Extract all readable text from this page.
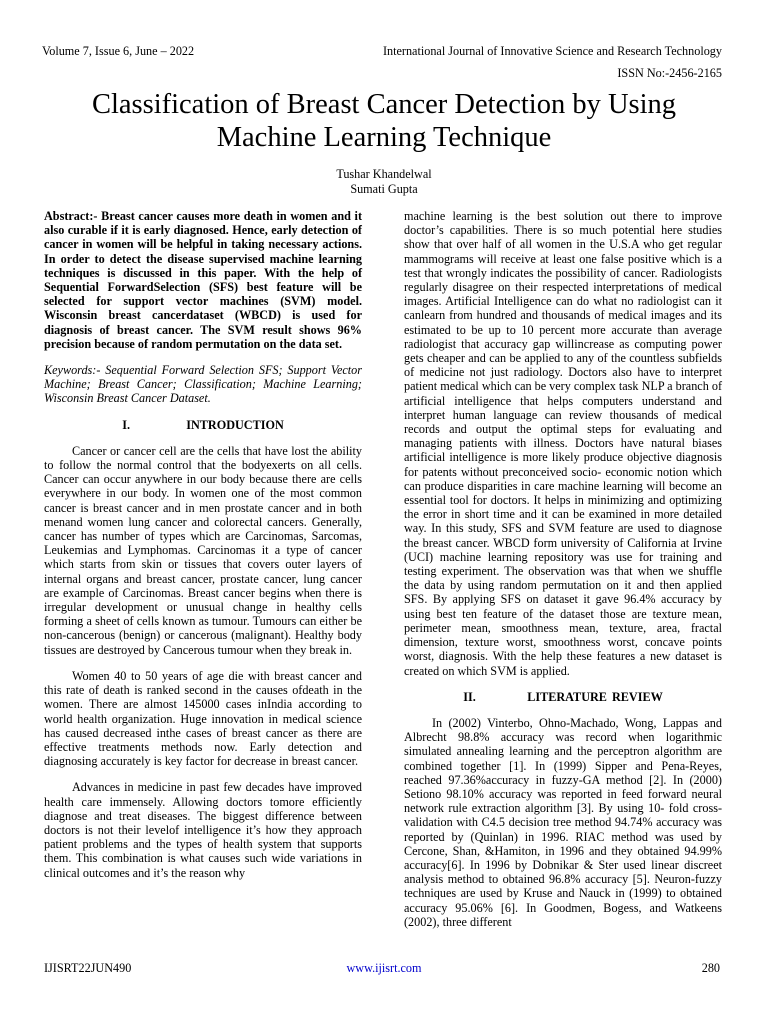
Volume 7, Issue 6, June – 2022	International Journal of Innovative Science and Research Technology
ISSN No:-2456-2165
Classification of Breast Cancer Detection by Using Machine Learning Technique
Tushar Khandelwal
Sumati Gupta

Abstract:- Breast cancer causes more death in women and it also curable if it is early diagnosed. Hence, early detection of cancer in women will be helpful in taking necessary actions. In order to detect the disease supervised machine learning techniques is discussed in this paper. With the help of Sequential ForwardSelection (SFS) best feature will be selected for support vector machines (SVM) model. Wisconsin breast cancerdataset (WBCD) is used for diagnosis of breast cancer. The SVM result shows 96% precision because of random permutation on the data set.

Keywords:- Sequential Forward Selection SFS; Support Vector Machine; Breast Cancer; Classification; Machine Learning; Wisconsin Breast Cancer Dataset.

I.	INTRODUCTION

Cancer or cancer cell are the cells that have lost the ability to follow the normal control that the bodyexerts on all cells. Cancer can occur anywhere in our body because there are cells everywhere in our body. In women one of the most common cancer is breast cancer and in men prostate cancer and in both menand women lung cancer and colorectal cancers. Generally, cancer has number of types which are Carcinomas, Sarcomas, Leukemias and Lymphomas. Carcinomas it a type of cancer which starts from skin or tissues that covers outer layers of internal organs and breast cancer, prostate cancer, lung cancer are example of Carcinomas. Breast cancer begins when there is irregular development or unusual change in healthy cells forming a sheet of cells known as tumour. Tumours can either be non-cancerous (benign) or cancerous (malignant). Healthy body tissues are destroyed by Cancerous tumour when they break in.

Women 40 to 50 years of age die with breast cancer and this rate of death is ranked second in the causes ofdeath in the women. There are almost 145000 cases inIndia according to world health organization. Huge innovation in medical science has caused decreased inthe cases of breast cancer as there are effective treatments methods now. Early detection and diagnosing accurately is key factor for decrease in breast cancer.

Advances in medicine in past few decades have improved health care immensely. Allowing doctors tomore efficiently diagnose and treat diseases. The biggest difference between doctors is not their levelof intelligence it’s how they approach patient problems and the types of health system that supports them. This combination is what causes such wide variations in clinical outcomes and it’s the reason why

machine learning is the best solution out there to improve doctor’s capabilities. There is so much potential here studies show that over half of all women in the U.S.A who get regular mammograms will receive at least one false positive which is a test that wrongly indicates the possibility of cancer. Radiologists regularly disagree on their respected interpretations of medical images. Artificial Intelligence can do what no radiologist can it canlearn from hundred and thousands of medical images and its estimated to be up to 10 percent more accurate than average radiologist that accuracy gap willincrease as computing power gets cheaper and can be applied to any of the countless subfields of medicine not just radiology. Doctors also have to interpret patient medical which can be very complex task NLP a branch of artificial intelligence that helps computers understand and interpret human language can review thousands of medical records and output the optimal steps for evaluating and managing patients with illness. Doctors have natural biases artificial intelligence is more likely produce objective diagnosis for patents without preconceived socio- economic notion which can produce disparities in care machine learning will become an essential tool for doctors. It helps in minimizing and optimizing the error in short time and it can be examined in more detailed way. In this study, SFS and SVM feature are used to diagnose the breast cancer. WBCD form university of California at Irvine (UCI) machine learning repository was use for training and testing experiment. The observation was that when we shuffle the data by using random permutation on it and then applied SFS. By applying SFS on dataset it gave 96.4% accuracy by using best ten feature of the dataset those are texture mean, perimeter mean, smoothness mean, texture, area, fractal dimension, texture worst, smoothness worst, concave points worst, diagnosis. With the help these features a new dataset is created on which SVM is applied.

II.	LITERATURE REVIEW

In (2002) Vinterbo, Ohno-Machado, Wong, Lappas and Albrecht 98.8% accuracy was record when logarithmic simulated annealing learning and the perceptron algorithm are combined together [1]. In (1999) Sipper and Pena-Reyes, reached 97.36%accuracy in fuzzy-GA method [2]. In (2000) Setiono 98.10% accuracy was reported in feed forward neural network rule extraction algorithm [3]. By using 10- fold cross-validation with C4.5 decision tree method 94.74% accuracy was reported by (Quinlan) in 1996. RIAC method was used by Cercone, Shan, &Hamiton, in 1996 and they obtained 94.99% accuracy[6]. In 1996 by Dobnikar & Ster used linear discreet analysis method to obtained 96.8% accuracy [5]. Neuron-fuzzy techniques are used by Kruse and Nauck in (1999) to obtained accuracy 95.06% [6]. In Goodmen, Bogess, and Watkeens (2002), three different

IJISRT22JUN490	www.ijisrt.com	280
